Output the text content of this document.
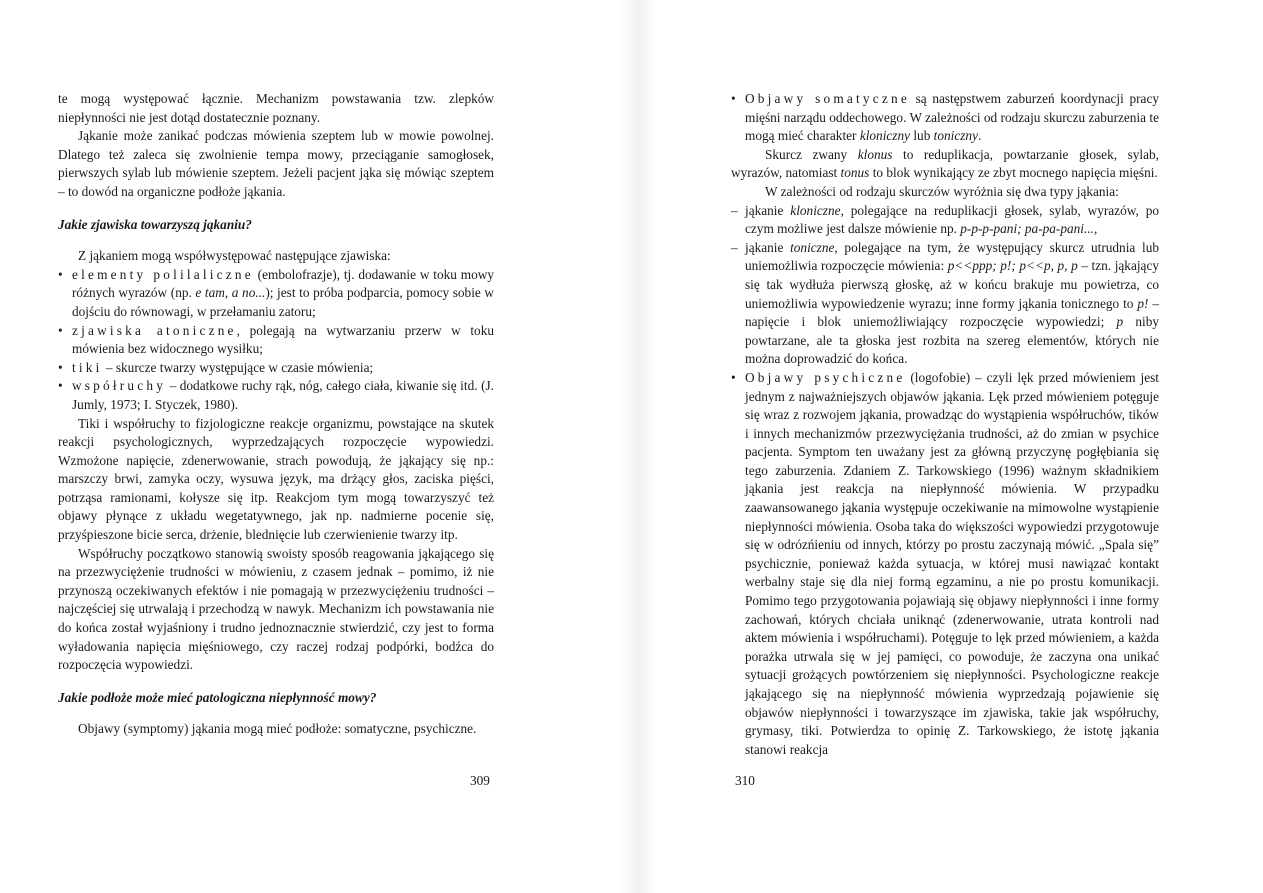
te mogą występować łącznie. Mechanizm powstawania tzw. zlepków niepłynności nie jest dotąd dostatecznie poznany.

Jąkanie może zanikać podczas mówienia szeptem lub w mowie powolnej. Dlatego też zaleca się zwolnienie tempa mowy, przeciąganie samogłosek, pierwszych sylab lub mówienie szeptem. Jeżeli pacjent jąka się mówiąc szeptem – to dowód na organiczne podłoże jąkania.

Jakie zjawiska towarzyszą jąkaniu?

Z jąkaniem mogą współwystępować następujące zjawiska:

• elementy polilaliczne (embolofrazje), tj. dodawanie w toku mowy różnych wyrazów (np. e tam, a no...); jest to próba podparcia, pomocy sobie w dojściu do równowagi, w przełamaniu zatoru;
• zjawiska atoniczne, polegają na wytwarzaniu przerw w toku mówienia bez widocznego wysiłku;
• tiki – skurcze twarzy występujące w czasie mówienia;
• współruchy – dodatkowe ruchy rąk, nóg, całego ciała, kiwanie się itd. (J. Jumly, 1973; I. Styczek, 1980).

Tiki i współruchy to fizjologiczne reakcje organizmu, powstające na skutek reakcji psychologicznych, wyprzedzających rozpoczęcie wypowiedzi. Wzmożone napięcie, zdenerwowanie, strach powodują, że jąkający się np.: marszczy brwi, zamyka oczy, wysuwa język, ma drżący głos, zaciska pięści, potrząsa ramionami, kołysze się itp. Reakcjom tym mogą towarzyszyć też objawy płynące z układu wegetatywnego, jak np. nadmierne pocenie się, przyśpieszone bicie serca, drżenie, blednięcie lub czerwienienie twarzy itp.

Współruchy początkowo stanowią swoisty sposób reagowania jąkającego się na przezwyciężenie trudności w mówieniu, z czasem jednak – pomimo, iż nie przynoszą oczekiwanych efektów i nie pomagają w przezwyciężeniu trudności – najczęściej się utrwalają i przechodzą w nawyk. Mechanizm ich powstawania nie do końca został wyjaśniony i trudno jednoznacznie stwierdzić, czy jest to forma wyładowania napięcia mięśniowego, czy raczej rodzaj podpórki, bodźca do rozpoczęcia wypowiedzi.

Jakie podłoże może mieć patologiczna niepłynność mowy?

Objawy (symptomy) jąkania mogą mieć podłoże: somatyczne, psychiczne.

309
• Objawy somatyczne są następstwem zaburzeń koordynacji pracy mięśni narządu oddechowego. W zależności od rodzaju skurczu zaburzenia te mogą mieć charakter kloniczny lub toniczny.

Skurcz zwany klonus to reduplikacja, powtarzanie głosek, sylab, wyrazów, natomiast tonus to blok wynikający ze zbyt mocnego napięcia mięśni.

W zależności od rodzaju skurczów wyróżnia się dwa typy jąkania:

– jąkanie kloniczne, polegające na reduplikacji głosek, sylab, wyrazów, po czym możliwe jest dalsze mówienie np. p-p-p-pani; pa-pa-pani...,
– jąkanie toniczne, polegające na tym, że występujący skurcz utrudnia lub uniemożliwia rozpoczęcie mówienia: p<<ppp; p!; p<<p, p, p – tzn. jąkający się tak wydłuża pierwszą głoskę, aż w końcu brakuje mu powietrza, co uniemożliwia wypowiedzenie wyrazu; inne formy jąkania tonicznego to p! – napięcie i blok uniemożliwiający rozpoczęcie wypowiedzi; p niby powtarzane, ale ta głoska jest rozbita na szereg elementów, których nie można doprowadzić do końca.
• Objawy psychiczne (logofobie) – czyli lęk przed mówieniem jest jednym z najważniejszych objawów jąkania. Lęk przed mówieniem potęguje się wraz z rozwojem jąkania, prowadząc do wystąpienia współruchów, tików i innych mechanizmów przezwyciężania trudności, aż do zmian w psychice pacjenta. Symptom ten uważany jest za główną przyczynę pogłębiania się tego zaburzenia. Zdaniem Z. Tarkowskiego (1996) ważnym składnikiem jąkania jest reakcja na niepłynność mówienia. W przypadku zaawansowanego jąkania występuje oczekiwanie na mimowolne wystąpienie niepłynności mówienia. Osoba taka do większości wypowiedzi przygotowuje się w odrózńieniu od innych, którzy po prostu zaczynają mówić. „Spala się” psychicznie, ponieważ każda sytuacja, w której musi nawiązać kontakt werbalny staje się dla niej formą egzaminu, a nie po prostu komunikacji. Pomimo tego przygotowania pojawiają się objawy niepłynności i inne formy zachowań, których chciała uniknąć (zdenerwowanie, utrata kontroli nad aktem mówienia i współruchami). Potęguje to lęk przed mówieniem, a każda porażka utrwala się w jej pamięci, co powoduje, że zaczyna ona unikać sytuacji grożących powtórzeniem się niepłynności. Psychologiczne reakcje jąkającego się na niepłynność mówienia wyprzedzają pojawienie się objawów niepłynności i towarzyszące im zjawiska, takie jak współruchy, grymasy, tiki. Potwierdza to opinię Z. Tarkowskiego, że istotę jąkania stanowi reakcja
310
